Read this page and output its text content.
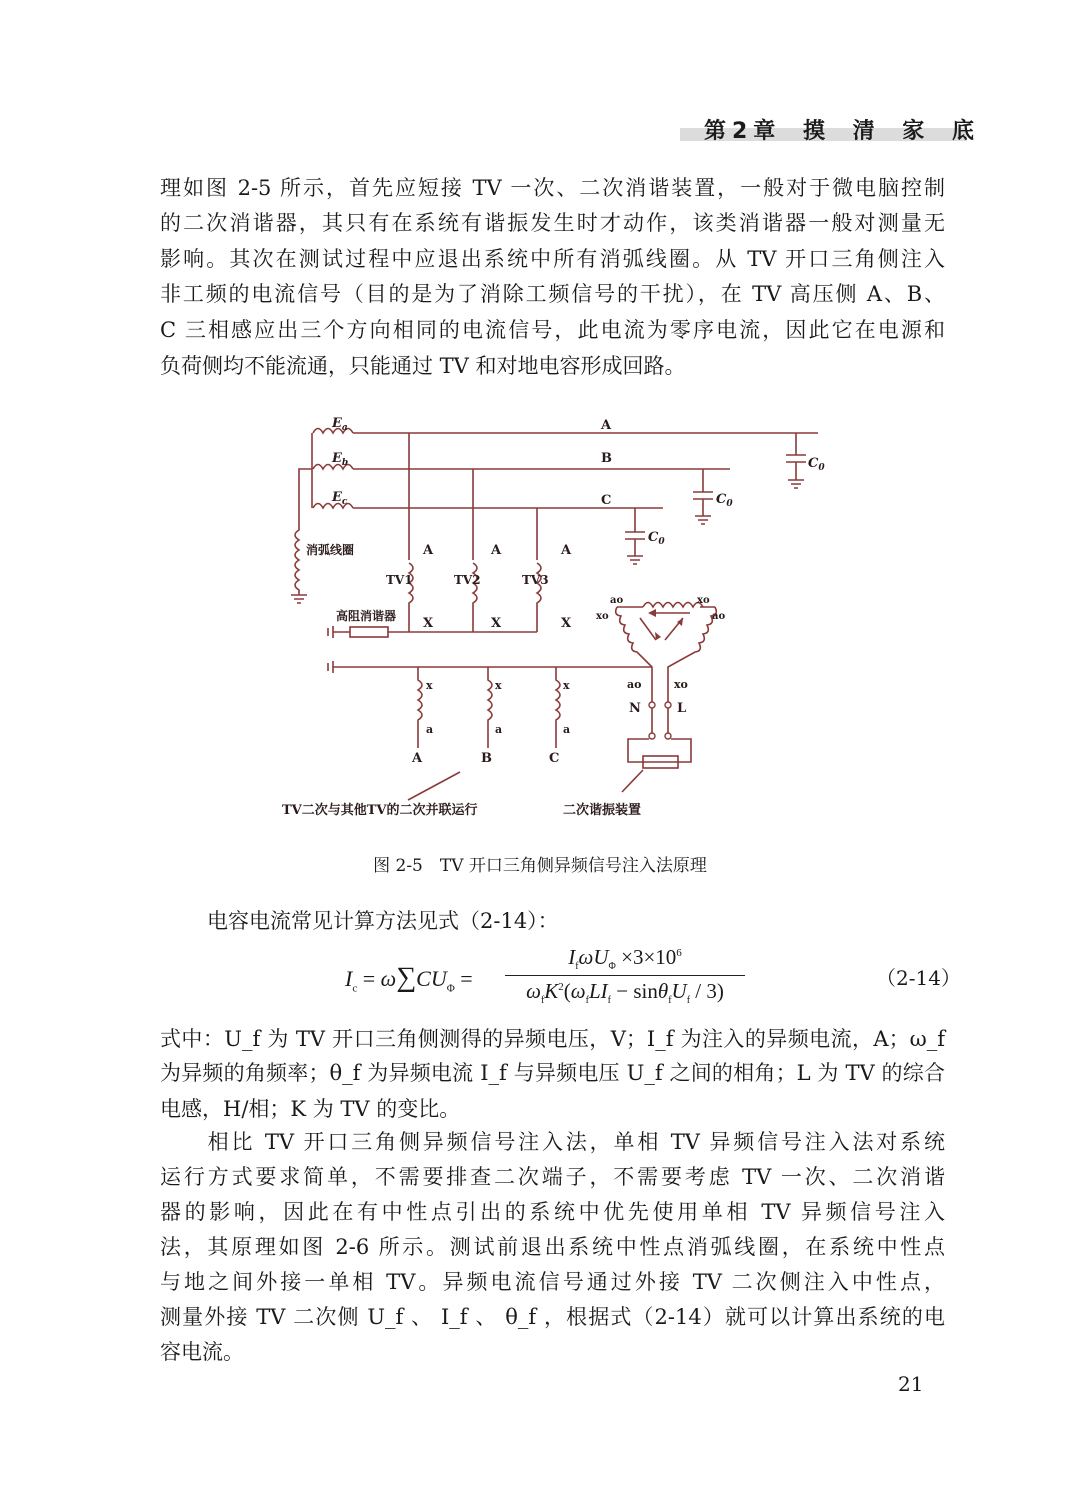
第2章 摸 清 家 底
理如图 2-5 所示，首先应短接 TV 一次、二次消谐装置，一般对于微电脑控制
的二次消谐器，其只有在系统有谐振发生时才动作，该类消谐器一般对测量无
影响。其次在测试过程中应退出系统中所有消弧线圈。从 TV 开口三角侧注入
非工频的电流信号（目的是为了消除工频信号的干扰），在 TV 高压侧 A、B、
C 三相感应出三个方向相同的电流信号，此电流为零序电流，因此它在电源和
负荷侧均不能流通，只能通过 TV 和对地电容形成回路。
$E_a$
$E_b$
$E_c$
A
B
C
$C_0$
$C_0$
$C_0$
消弧线圈	A	A	A
TV1	TV2	TV3
高阻消谐器 X	X	X
x	x	x
a	a	a
A	B	C
ao	xo
xo	ao
ao	xo
N	L
TV二次与其他TV的二次并联运行	二次谐振装置
图 2-5　TV 开口三角侧异频信号注入法原理
电容电流常见计算方法见式（2-14）：
$I_c = \omega\sum CU_\Phi$ =
$I_f\omega U_\Phi \times 3\times 10^6$
$\omega_fK^2(\omega_fLI_f - \sin\theta_fU_f / 3)$
（2-14）
式中：U_f 为 TV 开口三角侧测得的异频电压，V；I_f 为注入的异频电流，A；ω_f
为异频的角频率；θ_f 为异频电流 I_f 与异频电压 U_f 之间的相角；L 为 TV 的综合
电感，H/相；K 为 TV 的变比。
　　相比 TV 开口三角侧异频信号注入法，单相 TV 异频信号注入法对系统
运行方式要求简单，不需要排查二次端子，不需要考虑 TV 一次、二次消谐
器的影响，因此在有中性点引出的系统中优先使用单相 TV 异频信号注入
法，其原理如图 2-6 所示。测试前退出系统中性点消弧线圈，在系统中性点
与地之间外接一单相 TV。异频电流信号通过外接 TV 二次侧注入中性点，
测量外接 TV 二次侧 U_f 、 I_f 、 θ_f ，根据式（2-14）就可以计算出系统的电
容电流。
21
